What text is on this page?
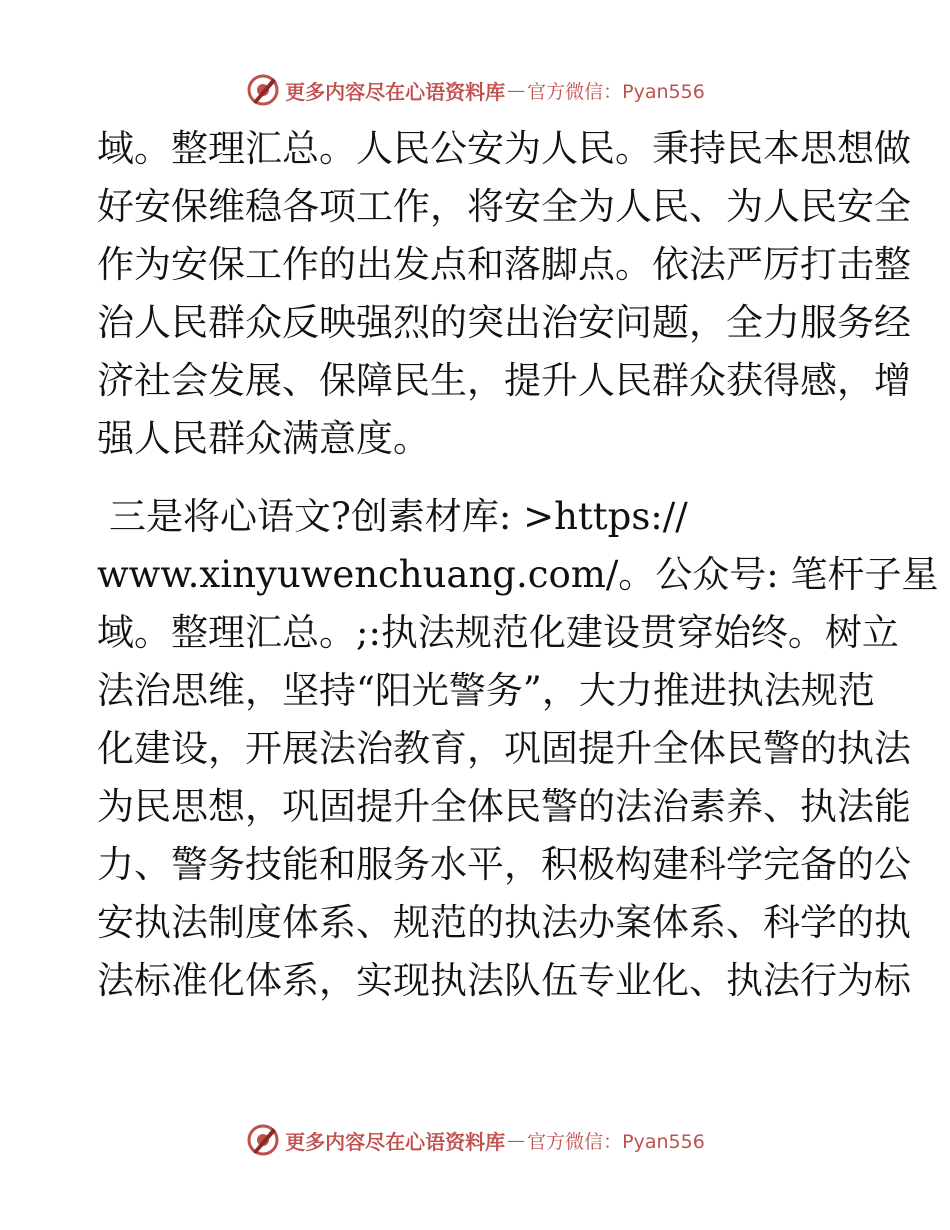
更多内容尽在心语资料库 — 官方微信：Pyan556
域。整理汇总。人民公安为人民。秉持民本思想做
好安保维稳各项工作，将安全为人民、为人民安全
作为安保工作的出发点和落脚点。依法严厉打击整
治人民群众反映强烈的突出治安问题，全力服务经
济社会发展、保障民生，提升人民群众获得感，增
强人民群众满意度。
三是将心语文?创素材库: >https://
www.xinyuwenchuang.com/。公众号: 笔杆子星
域。整理汇总。;:执法规范化建设贯穿始终。树立
法治思维，坚持“阳光警务”，大力推进执法规范
化建设，开展法治教育，巩固提升全体民警的执法
为民思想，巩固提升全体民警的法治素养、执法能
力、警务技能和服务水平，积极构建科学完备的公
安执法制度体系、规范的执法办案体系、科学的执
法标准化体系，实现执法队伍专业化、执法行为标
更多内容尽在心语资料库 — 官方微信：Pyan556
